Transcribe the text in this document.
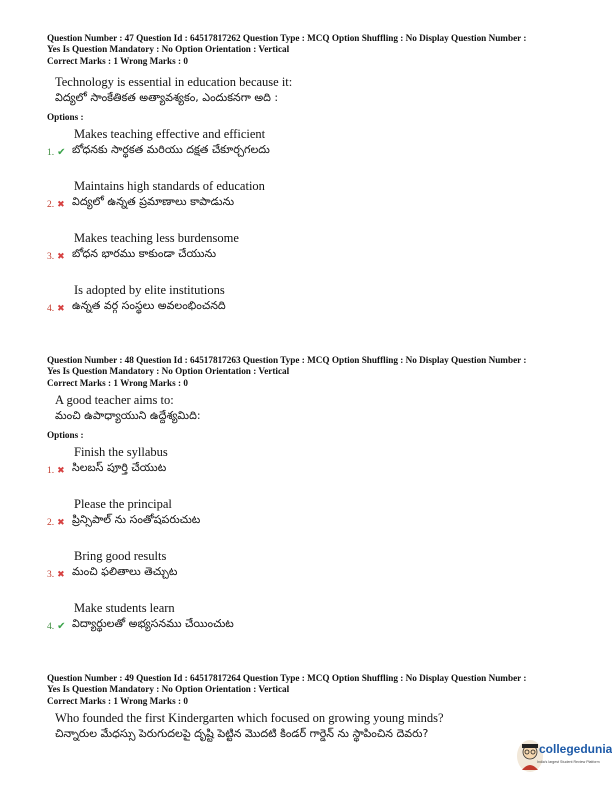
Question Number : 47 Question Id : 64517817262 Question Type : MCQ Option Shuffling : No Display Question Number :
Yes Is Question Mandatory : No Option Orientation : Vertical
Correct Marks : 1 Wrong Marks : 0
Technology is essential in education because it:
విద్యలో సాంకేతికత అత్యావశ్యకం, ఎందుకనగా అది :
Options :
Makes teaching effective and efficient
బోధనకు సార్థకత మరియు దక్షత చేకూర్చగలదు
1. ✔
Maintains high standards of education
విద్యలో ఉన్నత ప్రమాణాలు కాపాడును
2. ✖
Makes teaching less burdensome
బోధన భారము కాకుండా చేయును
3. ✖
Is adopted by elite institutions
ఉన్నత వర్గ సంస్థలు అవలంభించనది
4. ✖
Question Number : 48 Question Id : 64517817263 Question Type : MCQ Option Shuffling : No Display Question Number :
Yes Is Question Mandatory : No Option Orientation : Vertical
Correct Marks : 1 Wrong Marks : 0
A good teacher aims to:
మంచి ఉపాధ్యాయుని ఉద్దేశ్యమిది:
Options :
Finish the syllabus
సిలబస్ పూర్తి చేయుట
1. ✖
Please the principal
ప్రిన్సిపాల్ ను సంతోషపరుచుట
2. ✖
Bring good results
మంచి ఫలితాలు తెచ్చుట
3. ✖
Make students learn
విద్యార్థులతో అభ్యసనము చేయించుట
4. ✔
Question Number : 49 Question Id : 64517817264 Question Type : MCQ Option Shuffling : No Display Question Number :
Yes Is Question Mandatory : No Option Orientation : Vertical
Correct Marks : 1 Wrong Marks : 0
Who founded the first Kindergarten which focused on growing young minds?
చిన్నారుల మేధస్సు పెరుగుదలపై దృష్టి పెట్టిన మొదటి కిండర్ గార్డెన్ ను స్థాపించిన దెవరు?
collegedunia
India's largest Student Review Platform
